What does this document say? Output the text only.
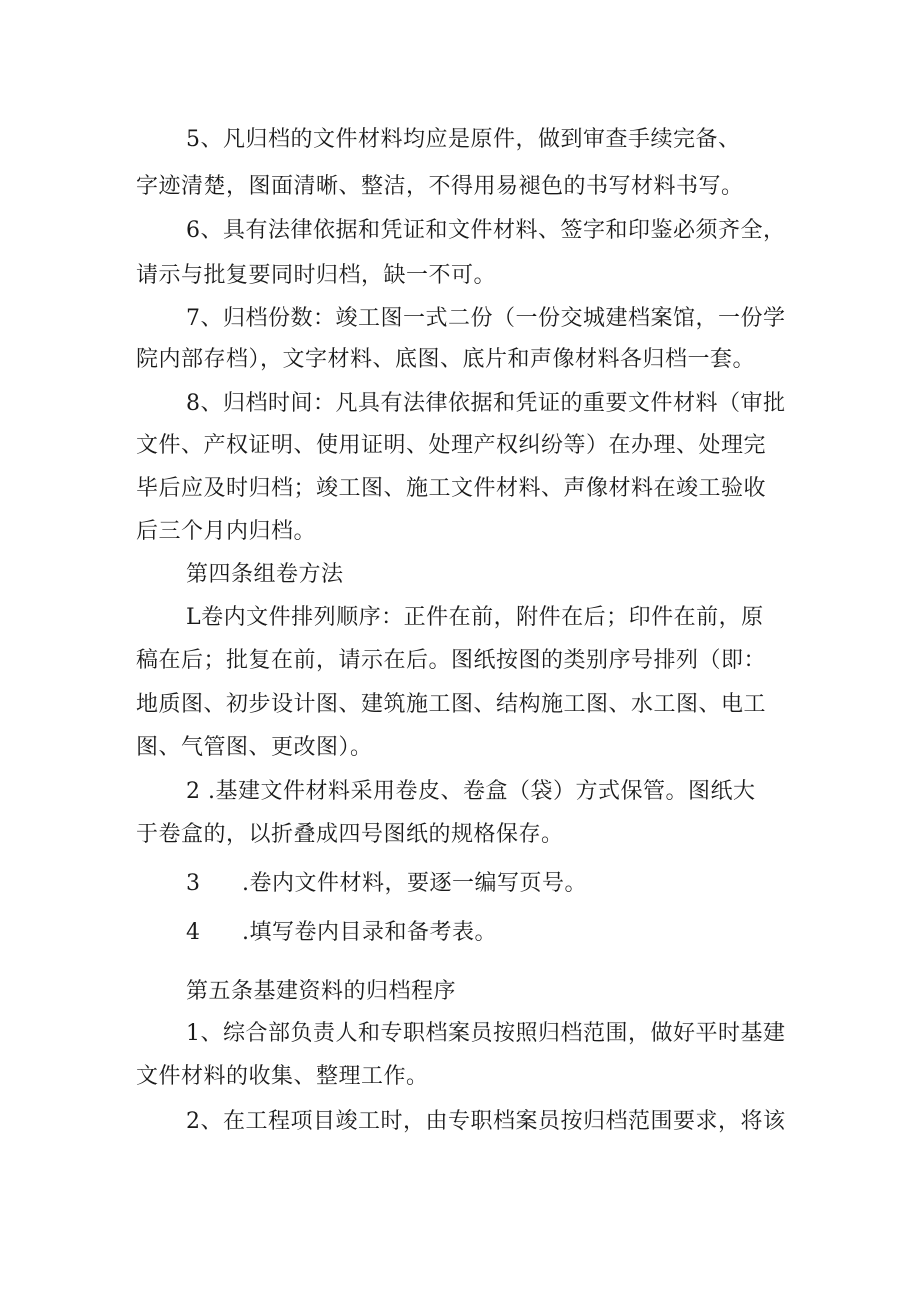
5、凡归档的文件材料均应是原件，做到审查手续完备、

字迹清楚，图面清晰、整洁，不得用易褪色的书写材料书写。

6、具有法律依据和凭证和文件材料、签字和印鉴必须齐全，

请示与批复要同时归档，缺一不可。

7、归档份数：竣工图一式二份（一份交城建档案馆，一份学

院内部存档），文字材料、底图、底片和声像材料各归档一套。

8、归档时间：凡具有法律依据和凭证的重要文件材料（审批

文件、产权证明、使用证明、处理产权纠纷等）在办理、处理完

毕后应及时归档；竣工图、施工文件材料、声像材料在竣工验收

后三个月内归档。

第四条组卷方法

L卷内文件排列顺序：正件在前，附件在后；印件在前，原

稿在后；批复在前，请示在后。图纸按图的类别序号排列（即：

地质图、初步设计图、建筑施工图、结构施工图、水工图、电工

图、气管图、更改图）。

2 .基建文件材料采用卷皮、卷盒（袋）方式保管。图纸大

于卷盒的，以折叠成四号图纸的规格保存。

3 .卷内文件材料，要逐一编写页号。

4 .填写卷内目录和备考表。

第五条基建资料的归档程序

1、综合部负责人和专职档案员按照归档范围，做好平时基建

文件材料的收集、整理工作。

2、在工程项目竣工时，由专职档案员按归档范围要求，将该
